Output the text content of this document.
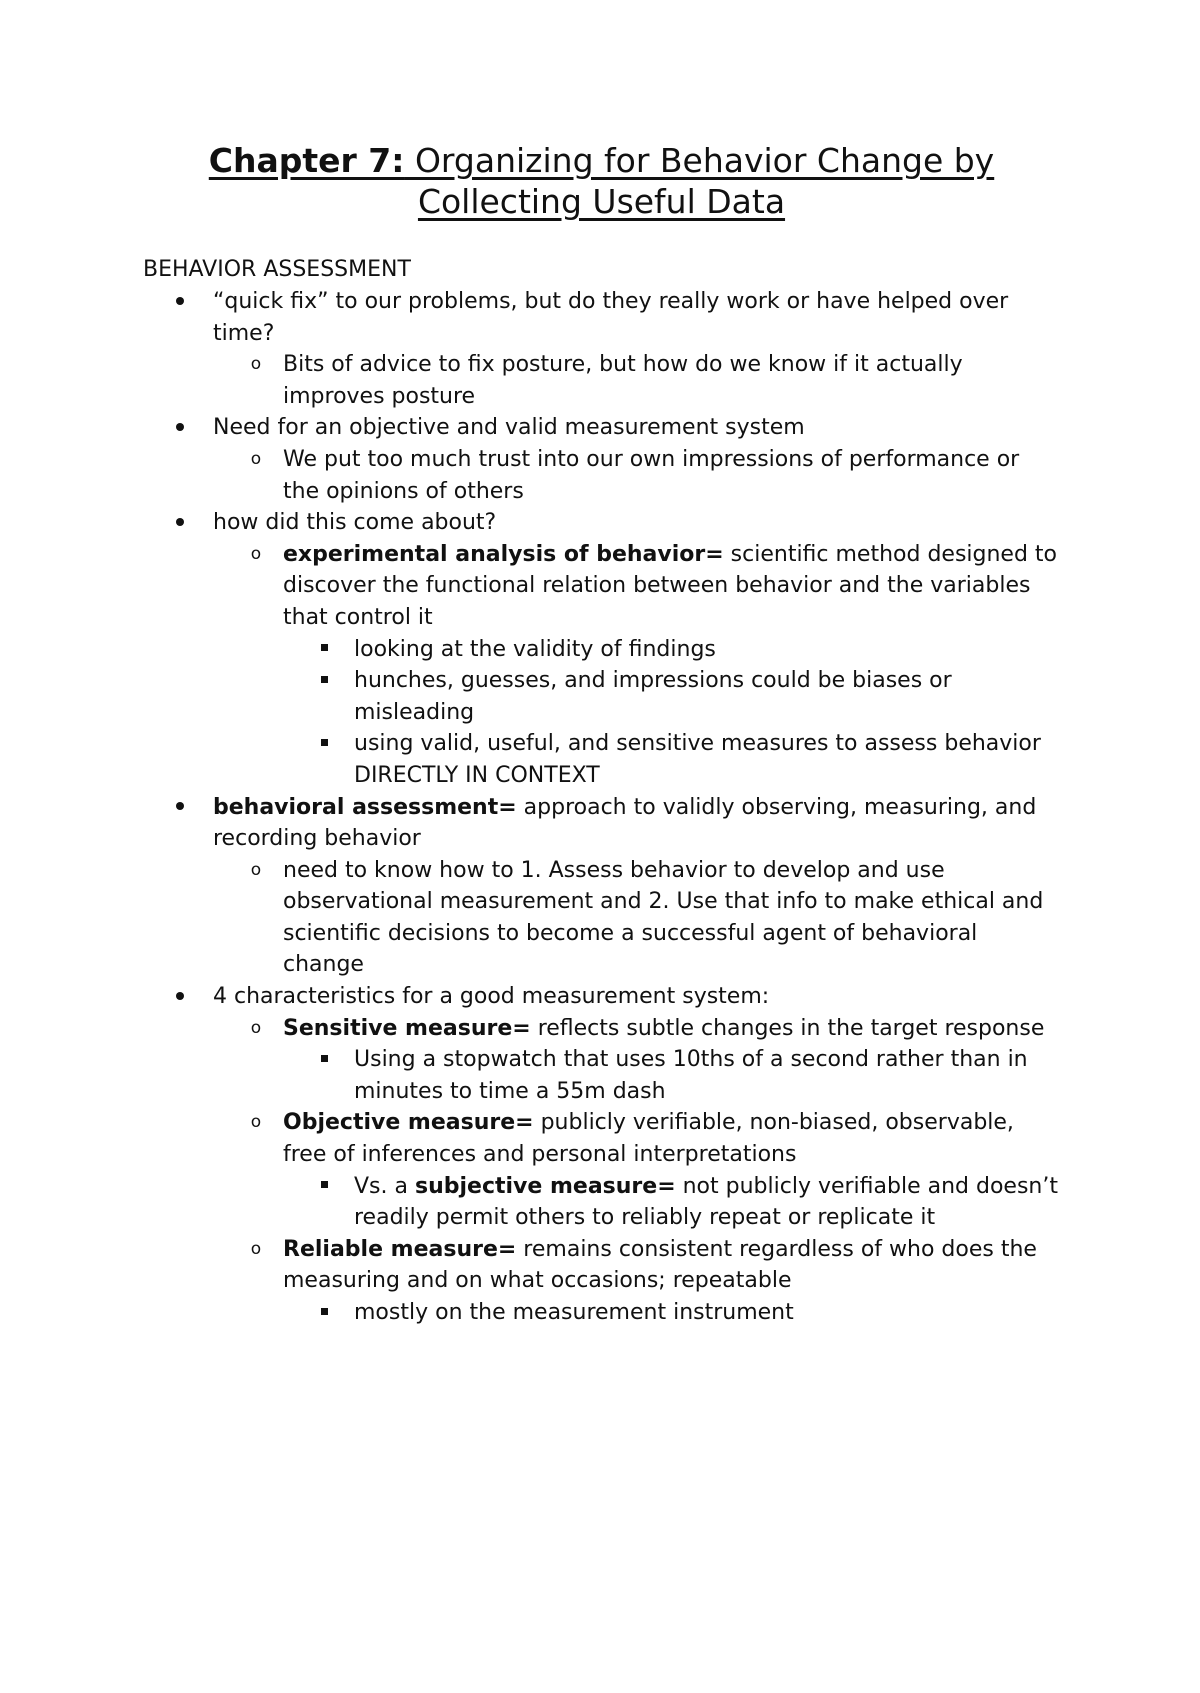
Chapter 7: Organizing for Behavior Change by
Collecting Useful Data
BEHAVIOR ASSESSMENT
“quick fix” to our problems, but do they really work or have helped over time?
o Bits of advice to fix posture, but how do we know if it actually improves posture
Need for an objective and valid measurement system
o We put too much trust into our own impressions of performance or the opinions of others
how did this come about?
o experimental analysis of behavior= scientific method designed to discover the functional relation between behavior and the variables that control it
looking at the validity of findings
hunches, guesses, and impressions could be biases or misleading
using valid, useful, and sensitive measures to assess behavior DIRECTLY IN CONTEXT
behavioral assessment= approach to validly observing, measuring, and recording behavior
o need to know how to 1. Assess behavior to develop and use observational measurement and 2. Use that info to make ethical and scientific decisions to become a successful agent of behavioral change
4 characteristics for a good measurement system:
o Sensitive measure= reflects subtle changes in the target response
Using a stopwatch that uses 10ths of a second rather than in minutes to time a 55m dash
o Objective measure= publicly verifiable, non-biased, observable, free of inferences and personal interpretations
Vs. a subjective measure= not publicly verifiable and doesn’t readily permit others to reliably repeat or replicate it
o Reliable measure= remains consistent regardless of who does the measuring and on what occasions; repeatable
mostly on the measurement instrument
